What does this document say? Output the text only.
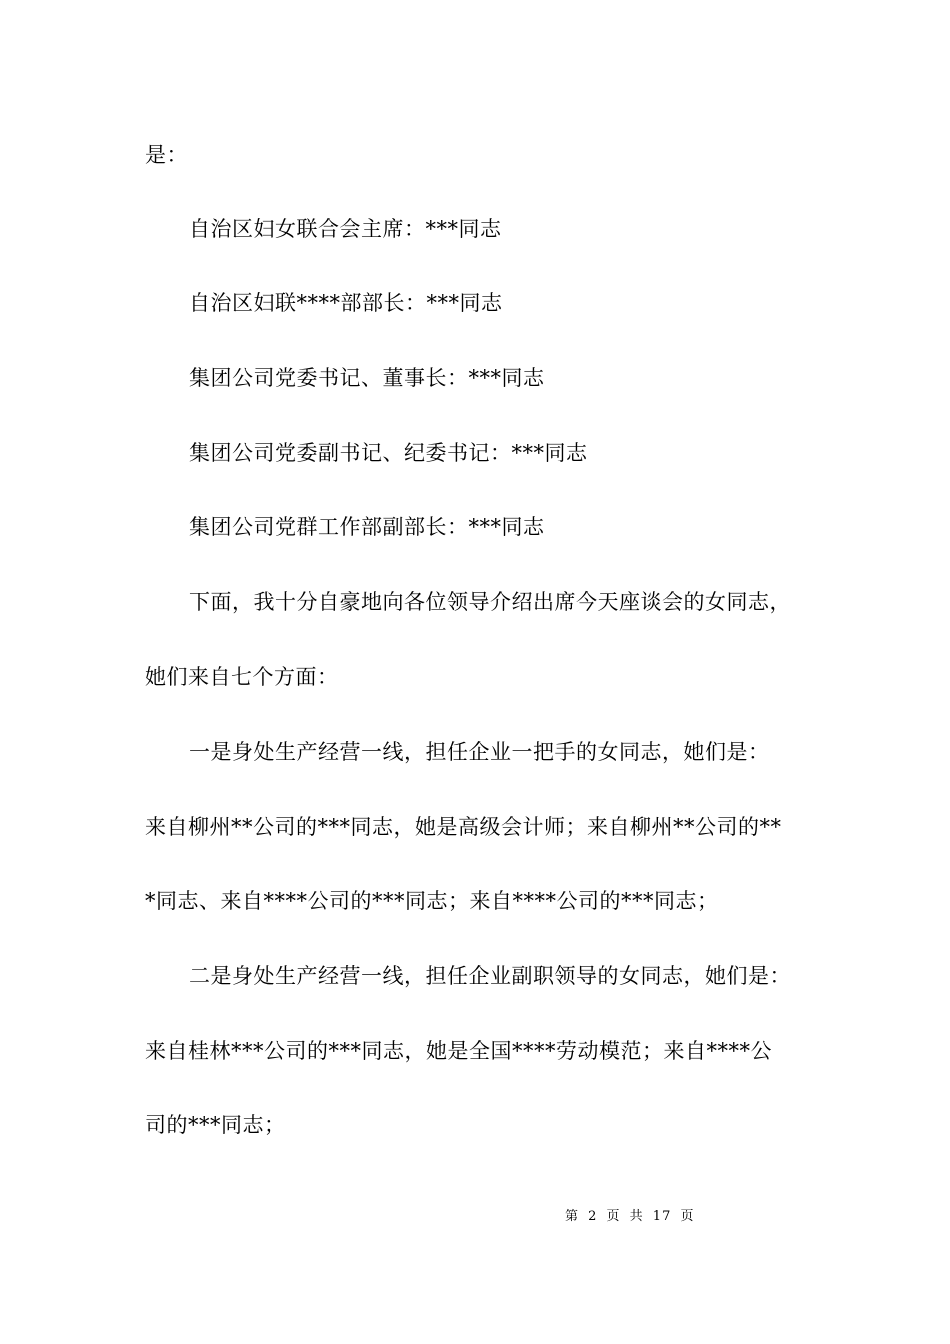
是：
自治区妇女联合会主席：***同志
自治区妇联****部部长：***同志
集团公司党委书记、董事长：***同志
集团公司党委副书记、纪委书记：***同志
集团公司党群工作部副部长：***同志
下面，我十分自豪地向各位领导介绍出席今天座谈会的女同志，
她们来自七个方面：
一是身处生产经营一线，担任企业一把手的女同志，她们是：
来自柳州**公司的***同志，她是高级会计师；来自柳州**公司的**
*同志、来自****公司的***同志；来自****公司的***同志；
二是身处生产经营一线，担任企业副职领导的女同志，她们是：
来自桂林***公司的***同志，她是全国****劳动模范；来自****公
司的***同志；
第 2 页 共 17 页
